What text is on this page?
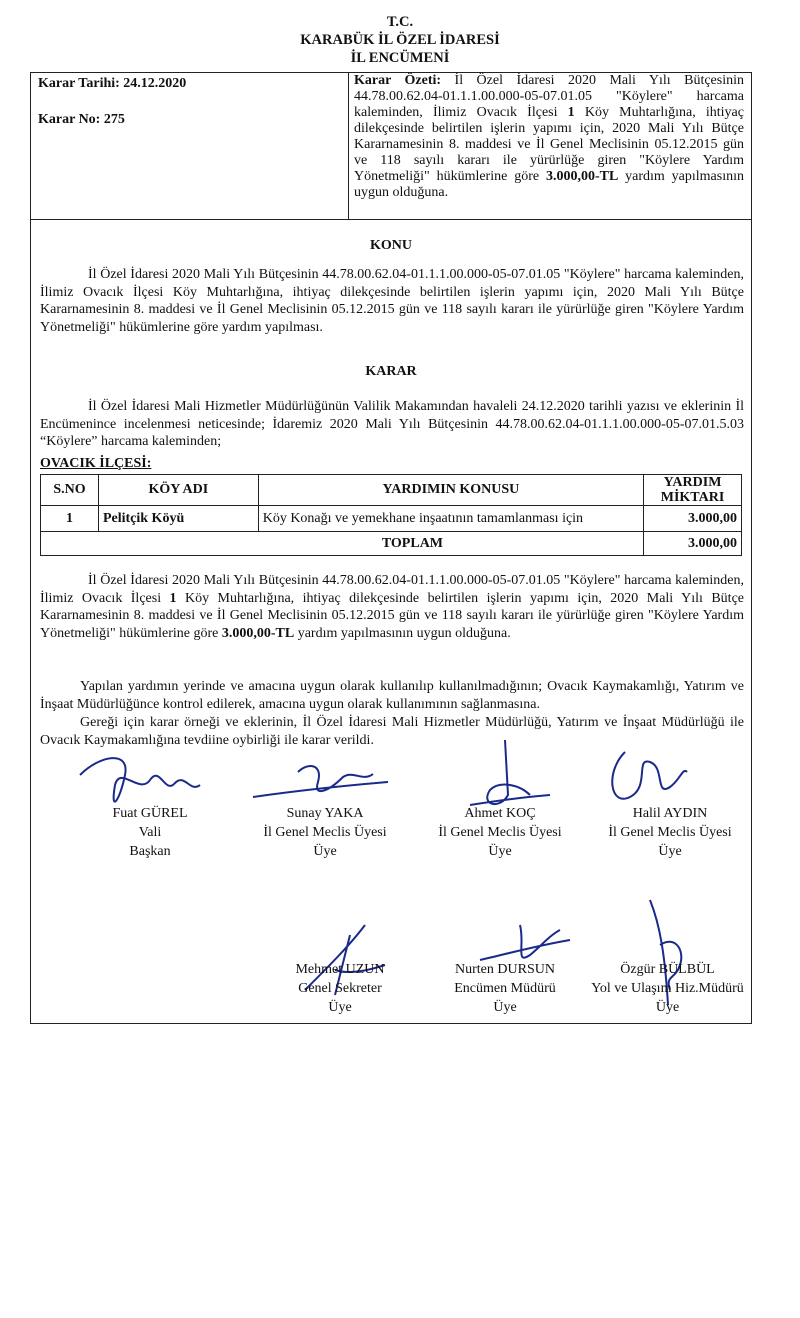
T.C.
KARABÜK İL ÖZEL İDARESİ
İL ENCÜMENİ
Karar Tarihi: 24.12.2020
Karar No: 275
Karar Özeti: İl Özel İdaresi 2020 Mali Yılı Bütçesinin 44.78.00.62.04-01.1.1.00.000-05-07.01.05 "Köylere" harcama kaleminden, İlimiz Ovacık İlçesi 1 Köy Muhtarlığına, ihtiyaç dilekçesinde belirtilen işlerin yapımı için, 2020 Mali Yılı Bütçe Kararnamesinin 8. maddesi ve İl Genel Meclisinin 05.12.2015 gün ve 118 sayılı kararı ile yürürlüğe giren "Köylere Yardım Yönetmeliği" hükümlerine göre 3.000,00-TL yardım yapılmasının uygun olduğuna.
KONU
İl Özel İdaresi 2020 Mali Yılı Bütçesinin 44.78.00.62.04-01.1.1.00.000-05-07.01.05 "Köylere" harcama kaleminden, İlimiz Ovacık İlçesi Köy Muhtarlığına, ihtiyaç dilekçesinde belirtilen işlerin yapımı için, 2020 Mali Yılı Bütçe Kararnamesinin 8. maddesi ve İl Genel Meclisinin 05.12.2015 gün ve 118 sayılı kararı ile yürürlüğe giren "Köylere Yardım Yönetmeliği" hükümlerine göre yardım yapılması.
KARAR
İl Özel İdaresi Mali Hizmetler Müdürlüğünün Valilik Makamından havaleli 24.12.2020 tarihli yazısı ve eklerinin İl Encümenince incelenmesi neticesinde; İdaremiz 2020 Mali Yılı Bütçesinin 44.78.00.62.04-01.1.1.00.000-05-07.01.5.03 “Köylere” harcama kaleminden;
OVACIK İLÇESİ:
S.NO	KÖY ADI	YARDIMIN KONUSU	YARDIM MİKTARI
1	Pelitçik Köyü	Köy Konağı ve yemekhane inşaatının tamamlanması için	3.000,00
TOPLAM			3.000,00
İl Özel İdaresi 2020 Mali Yılı Bütçesinin 44.78.00.62.04-01.1.1.00.000-05-07.01.05 "Köylere" harcama kaleminden, İlimiz Ovacık İlçesi 1 Köy Muhtarlığına, ihtiyaç dilekçesinde belirtilen işlerin yapımı için, 2020 Mali Yılı Bütçe Kararnamesinin 8. maddesi ve İl Genel Meclisinin 05.12.2015 gün ve 118 sayılı kararı ile yürürlüğe giren "Köylere Yardım Yönetmeliği" hükümlerine göre 3.000,00-TL yardım yapılmasının uygun olduğuna.
Yapılan yardımın yerinde ve amacına uygun olarak kullanılıp kullanılmadığının; Ovacık Kaymakamlığı, Yatırım ve İnşaat Müdürlüğünce kontrol edilerek, amacına uygun olarak kullanımının sağlanmasına.
Gereği için karar örneği ve eklerinin, İl Özel İdaresi Mali Hizmetler Müdürlüğü, Yatırım ve İnşaat Müdürlüğü ile Ovacık Kaymakamlığına tevdiine oybirliği ile karar verildi.
Fuat GÜREL
Vali
Başkan
Sunay YAKA
İl Genel Meclis Üyesi
Üye
Ahmet KOÇ
İl Genel Meclis Üyesi
Üye
Halil AYDIN
İl Genel Meclis Üyesi
Üye
Mehmet UZUN
Genel Sekreter
Üye
Nurten DURSUN
Encümen Müdürü
Üye
Özgür BÜLBÜL
Yol ve Ulaşım Hiz.Müdürü
Üye
